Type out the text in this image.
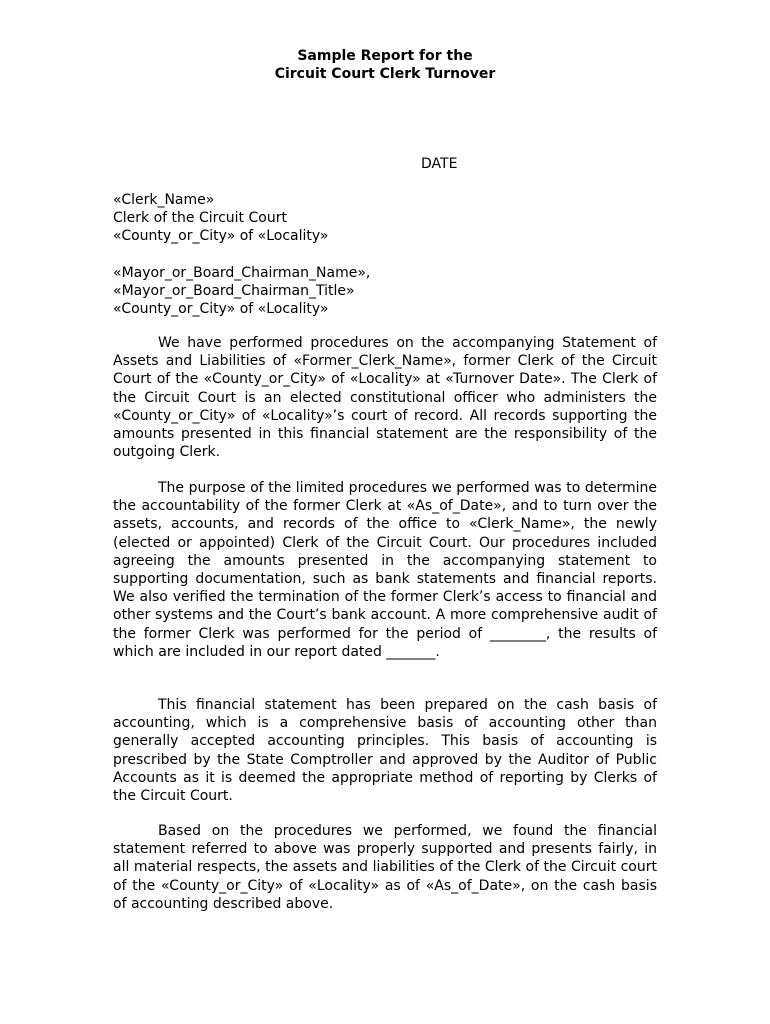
Sample Report for the
Circuit Court Clerk Turnover
DATE
«Clerk_Name»
Clerk of the Circuit Court
«County_or_City» of «Locality»
«Mayor_or_Board_Chairman_Name»,
«Mayor_or_Board_Chairman_Title»
«County_or_City» of «Locality»

We have performed procedures on the accompanying Statement of Assets and Liabilities of «Former_Clerk_Name», former Clerk of the Circuit Court of the «County_or_City» of «Locality» at «Turnover Date». The Clerk of the Circuit Court is an elected constitutional officer who administers the «County_or_City» of «Locality»’s court of record. All records supporting the amounts presented in this financial statement are the responsibility of the outgoing Clerk.

The purpose of the limited procedures we performed was to determine the accountability of the former Clerk at «As_of_Date», and to turn over the assets, accounts, and records of the office to «Clerk_Name», the newly (elected or appointed) Clerk of the Circuit Court. Our procedures included agreeing the amounts presented in the accompanying statement to supporting documentation, such as bank statements and financial reports. We also verified the termination of the former Clerk’s access to financial and other systems and the Court’s bank account. A more comprehensive audit of the former Clerk was performed for the period of ________, the results of which are included in our report dated _______.

This financial statement has been prepared on the cash basis of accounting, which is a comprehensive basis of accounting other than generally accepted accounting principles. This basis of accounting is prescribed by the State Comptroller and approved by the Auditor of Public Accounts as it is deemed the appropriate method of reporting by Clerks of the Circuit Court.

Based on the procedures we performed, we found the financial statement referred to above was properly supported and presents fairly, in all material respects, the assets and liabilities of the Clerk of the Circuit court of the «County_or_City» of «Locality» as of «As_of_Date», on the cash basis of accounting described above.
